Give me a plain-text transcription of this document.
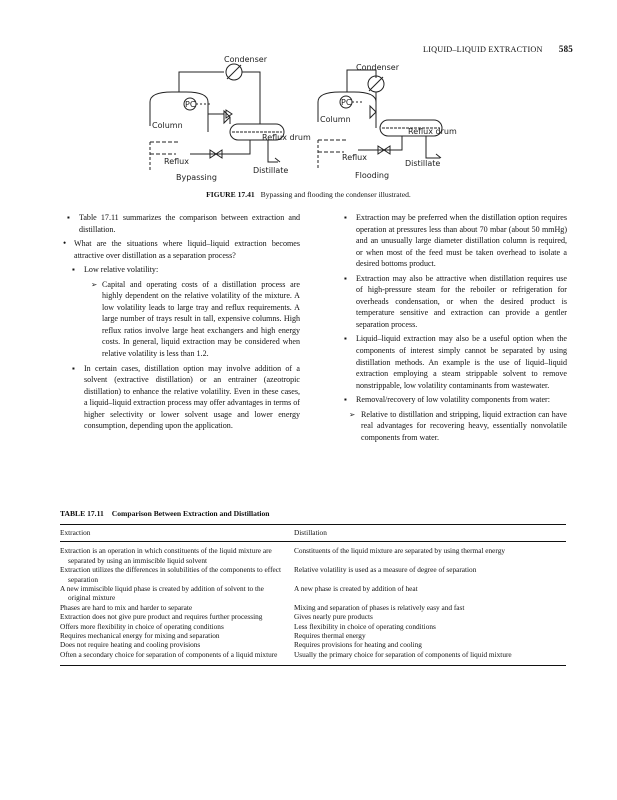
LIQUID–LIQUID EXTRACTION 585
Condenser
PC
Column
Reflux drum
Reflux
Distillate
Bypassing
Condenser
PC
Column
Reflux drum
Reflux
Distillate
Flooding
FIGURE 17.41 Bypassing and flooding the condenser illustrated.

▪ Table 17.11 summarizes the comparison between extraction and distillation.

• What are the situations where liquid–liquid extraction becomes attractive over distillation as a separation process?

▪ Low relative volatility:

➢ Capital and operating costs of a distillation process are highly dependent on the relative volatility of the mixture. A low volatility leads to large tray and reflux requirements. A large number of trays result in tall, expensive columns. High reflux ratios involve large heat exchangers and high energy costs. In general, liquid extraction may be considered when relative volatility is less than 1.2.

▪ In certain cases, distillation option may involve addition of a solvent (extractive distillation) or an entrainer (azeotropic distillation) to enhance the relative volatility. Even in these cases, a liquid–liquid extraction process may offer advantages in terms of higher selectivity or lower solvent usage and lower energy consumption, depending upon the application.

▪ Extraction may be preferred when the distillation option requires operation at pressures less than about 70 mbar (about 50 mmHg) and an unusually large diameter distillation column is required, or when most of the feed must be taken overhead to isolate a desired bottoms product.

▪ Extraction may also be attractive when distillation requires use of high-pressure steam for the reboiler or refrigeration for overheads condensation, or when the desired product is temperature sensitive and extraction can provide a gentler separation process.

▪ Liquid–liquid extraction may also be a useful option when the components of interest simply cannot be separated by using distillation methods. An example is the use of liquid–liquid extraction employing a steam strippable solvent to remove nonstrippable, low volatility contaminants from wastewater.

▪ Removal/recovery of low volatility components from water:

➢ Relative to distillation and stripping, liquid extraction can have real advantages for recovering heavy, essentially nonvolatile components from water.

TABLE 17.11 Comparison Between Extraction and Distillation
Extraction	Distillation

Extraction is an operation in which constituents of the liquid mixture are separated by using an immiscible liquid solvent	Constituents of the liquid mixture are separated by using thermal energy

Extraction utilizes the differences in solubilities of the components to effect separation	Relative volatility is used as a measure of degree of separation

A new immiscible liquid phase is created by addition of solvent to the original mixture	A new phase is created by addition of heat

Phases are hard to mix and harder to separate	Mixing and separation of phases is relatively easy and fast

Extraction does not give pure product and requires further processing	Gives nearly pure products

Offers more flexibility in choice of operating conditions	Less flexibility in choice of operating conditions

Requires mechanical energy for mixing and separation	Requires thermal energy

Does not require heating and cooling provisions	Requires provisions for heating and cooling

Often a secondary choice for separation of components of a liquid mixture	Usually the primary choice for separation of components of liquid mixture
